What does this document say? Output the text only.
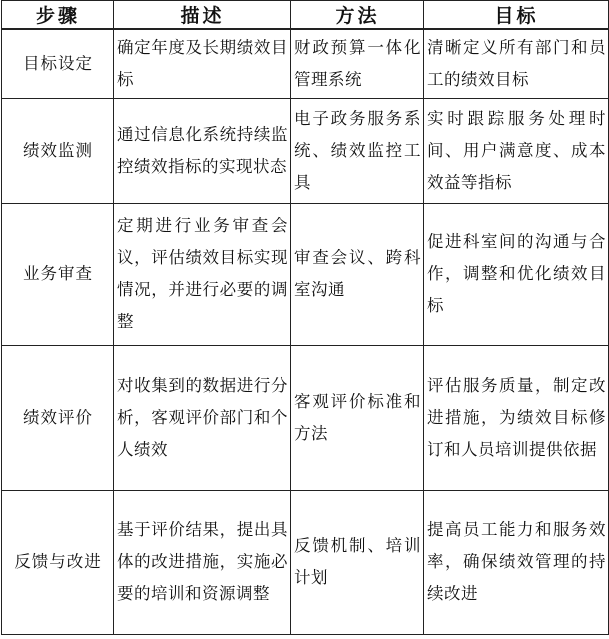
步骤	描述	方法	目标
目标设定	确定年度及长期绩效目标	财政预算一体化管理系统	清晰定义所有部门和员工的绩效目标
绩效监测	通过信息化系统持续监控绩效指标的实现状态	电子政务服务系统、绩效监控工具	实时跟踪服务处理时间、用户满意度、成本效益等指标
业务审查	定期进行业务审查会议，评估绩效目标实现情况，并进行必要的调整	审查会议、跨科室沟通	促进科室间的沟通与合作，调整和优化绩效目标
绩效评价	对收集到的数据进行分析，客观评价部门和个人绩效	客观评价标准和方法	评估服务质量，制定改进措施，为绩效目标修订和人员培训提供依据
反馈与改进	基于评价结果，提出具体的改进措施，实施必要的培训和资源调整	反馈机制、培训计划	提高员工能力和服务效率，确保绩效管理的持续改进
